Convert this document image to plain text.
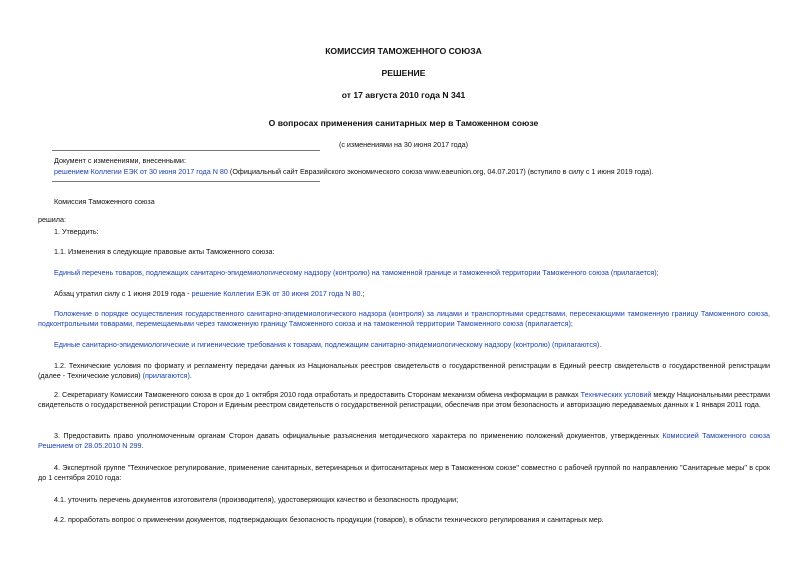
КОМИССИЯ ТАМОЖЕННОГО СОЮЗА
РЕШЕНИЕ
от 17 августа 2010 года N 341
О вопросах применения санитарных мер в Таможенном союзе
(с изменениями на 30 июня 2017 года)
Документ с изменениями, внесенными:
решением Коллегии ЕЭК от 30 июня 2017 года N 80 (Официальный сайт Евразийского экономического союза www.eaeunion.org, 04.07.2017) (вступило в силу с 1 июня 2019 года).
Комиссия Таможенного союза
решила:
1. Утвердить:
1.1. Изменения в следующие правовые акты Таможенного союза:
Единый перечень товаров, подлежащих санитарно-эпидемиологическому надзору (контролю) на таможенной границе и таможенной территории Таможенного союза (прилагается);
Абзац утратил силу с 1 июня 2019 года - решение Коллегии ЕЭК от 30 июня 2017 года N 80.;
Положение о порядке осуществления государственного санитарно-эпидемиологического надзора (контроля) за лицами и транспортными средствами, пересекающими таможенную границу Таможенного союза, подконтрольными товарами, перемещаемыми через таможенную границу Таможенного союза и на таможенной территории Таможенного союза (прилагается);
Единые санитарно-эпидемиологические и гигиенические требования к товарам, подлежащим санитарно-эпидемиологическому надзору (контролю) (прилагаются).
1.2. Технические условия по формату и регламенту передачи данных из Национальных реестров свидетельств о государственной регистрации в Единый реестр свидетельств о государственной регистрации (далее - Технические условия) (прилагаются).
2. Секретариату Комиссии Таможенного союза в срок до 1 октября 2010 года отработать и предоставить Сторонам механизм обмена информации в рамках Технических условий между Национальными реестрами свидетельств о государственной регистрации Сторон и Единым реестром свидетельств о государственной регистрации, обеспечив при этом безопасность и авторизацию передаваемых данных к 1 января 2011 года.
3. Предоставить право уполномоченным органам Сторон давать официальные разъяснения методического характера по применению положений документов, утвержденных Комиссией Таможенного союза Решением от 28.05.2010 N 299.
4. Экспертной группе "Техническое регулирование, применение санитарных, ветеринарных и фитосанитарных мер в Таможенном союзе" совместно с рабочей группой по направлению "Санитарные меры" в срок до 1 сентября 2010 года:
4.1. уточнить перечень документов изготовителя (производителя), удостоверяющих качество и безопасность продукции;
4.2. проработать вопрос о применении документов, подтверждающих безопасность продукции (товаров), в области технического регулирования и санитарных мер.
